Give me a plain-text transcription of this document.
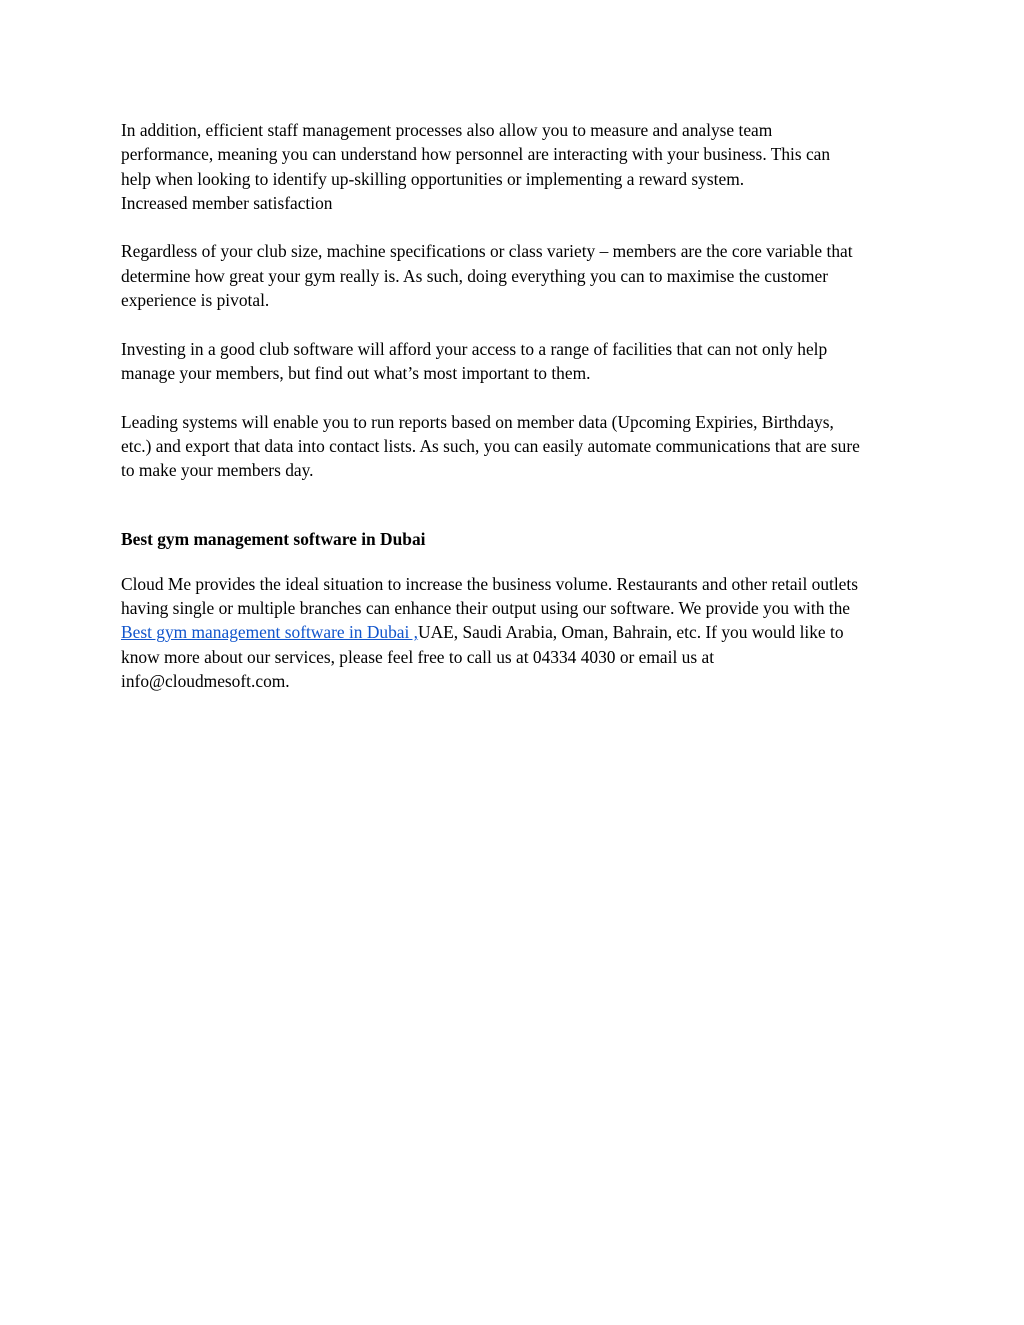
In addition, efficient staff management processes also allow you to measure and analyse team
performance, meaning you can understand how personnel are interacting with your business. This can
help when looking to identify up-skilling opportunities or implementing a reward system.
Increased member satisfaction
Regardless of your club size, machine specifications or class variety – members are the core variable that
determine how great your gym really is. As such, doing everything you can to maximise the customer
experience is pivotal.
Investing in a good club software will afford your access to a range of facilities that can not only help
manage your members, but find out what’s most important to them.
Leading systems will enable you to run reports based on member data (Upcoming Expiries, Birthdays,
etc.) and export that data into contact lists. As such, you can easily automate communications that are sure
to make your members day.
Best gym management software in Dubai
Cloud Me provides the ideal situation to increase the business volume. Restaurants and other retail outlets
having single or multiple branches can enhance their output using our software. We provide you with the
Best gym management software in Dubai ,UAE, Saudi Arabia, Oman, Bahrain, etc. If you would like to
know more about our services, please feel free to call us at 04334 4030 or email us at
info@cloudmesoft.com.
